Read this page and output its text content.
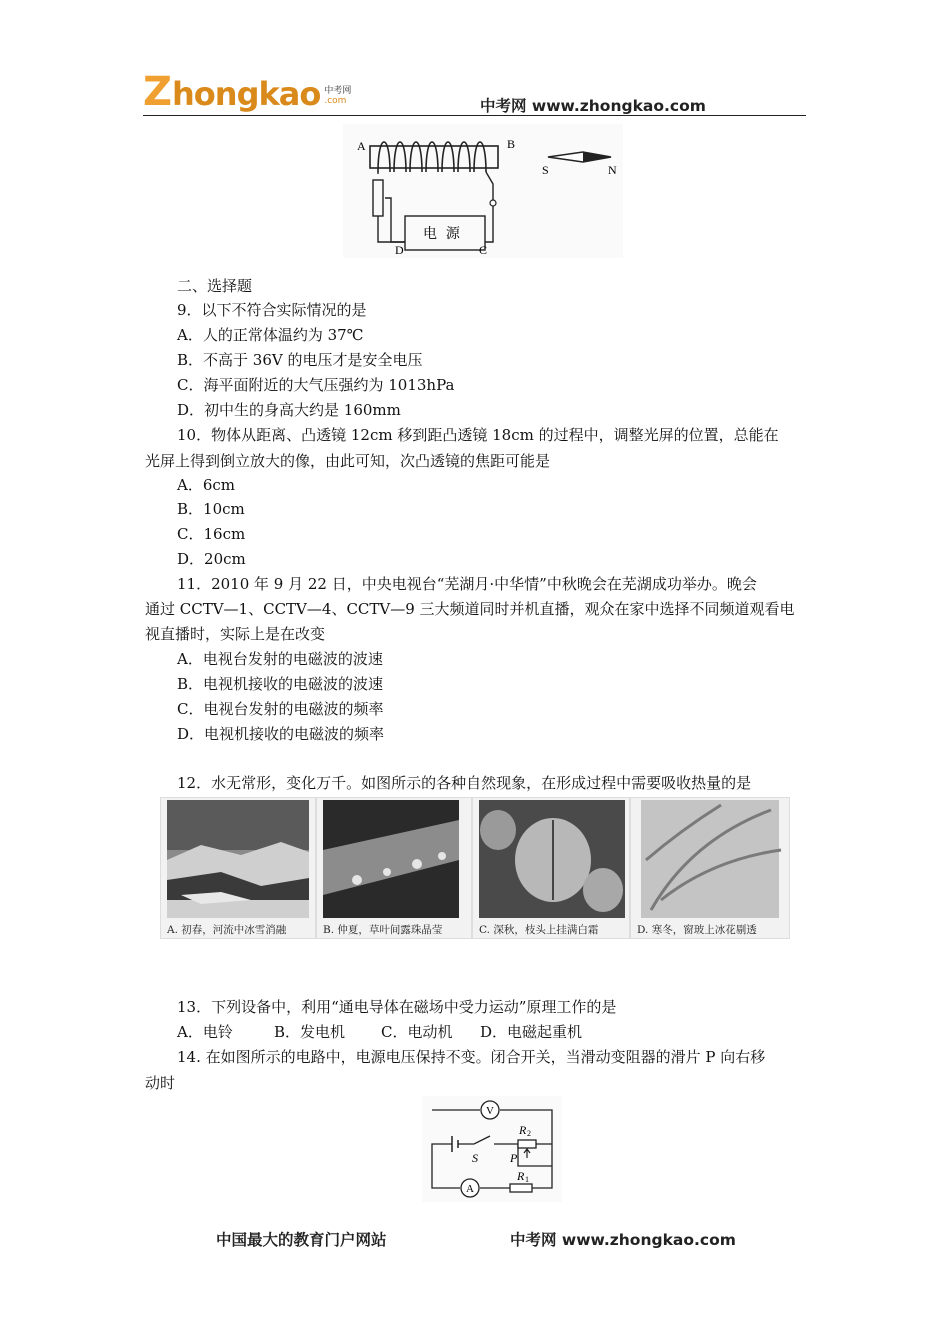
Z hongkao 中考网
.com	中考网 www.zhongkao.com
A	B
S	N
D	C
电  源
二、选择题
9．以下不符合实际情况的是
A．人的正常体温约为 37℃
B．不高于 36V 的电压才是安全电压
C．海平面附近的大气压强约为 1013hPa
D．初中生的身高大约是 160mm
10．物体从距离、凸透镜 12cm 移到距凸透镜 18cm 的过程中，调整光屏的位置，总能在
光屏上得到倒立放大的像，由此可知，次凸透镜的焦距可能是
A．6cm
B．10cm
C．16cm
D．20cm
11．2010 年 9 月 22 日，中央电视台“芜湖月·中华情”中秋晚会在芜湖成功举办。晚会
通过 CCTV—1、CCTV—4、CCTV—9 三大频道同时并机直播，观众在家中选择不同频道观看电
视直播时，实际上是在改变
A．电视台发射的电磁波的波速
B．电视机接收的电磁波的波速
C．电视台发射的电磁波的频率
D．电视机接收的电磁波的频率
12．水无常形，变化万千。如图所示的各种自然现象，在形成过程中需要吸收热量的是
A. 初春，河流中冰雪消融	B. 仲夏，草叶间露珠晶莹	C. 深秋，枝头上挂满白霜	D. 寒冬，窗玻上冰花剔透
13．下列设备中，利用“通电导体在磁场中受力运动”原理工作的是
A．电铃	B．发电机 C．电动机 D．电磁起重机
14. 在如图所示的电路中，电源电压保持不变。闭合开关，当滑动变阻器的滑片 P 向右移
动时
V
A
S	P
R 2
R 1
中国最大的教育门户网站	中考网 www.zhongkao.com
